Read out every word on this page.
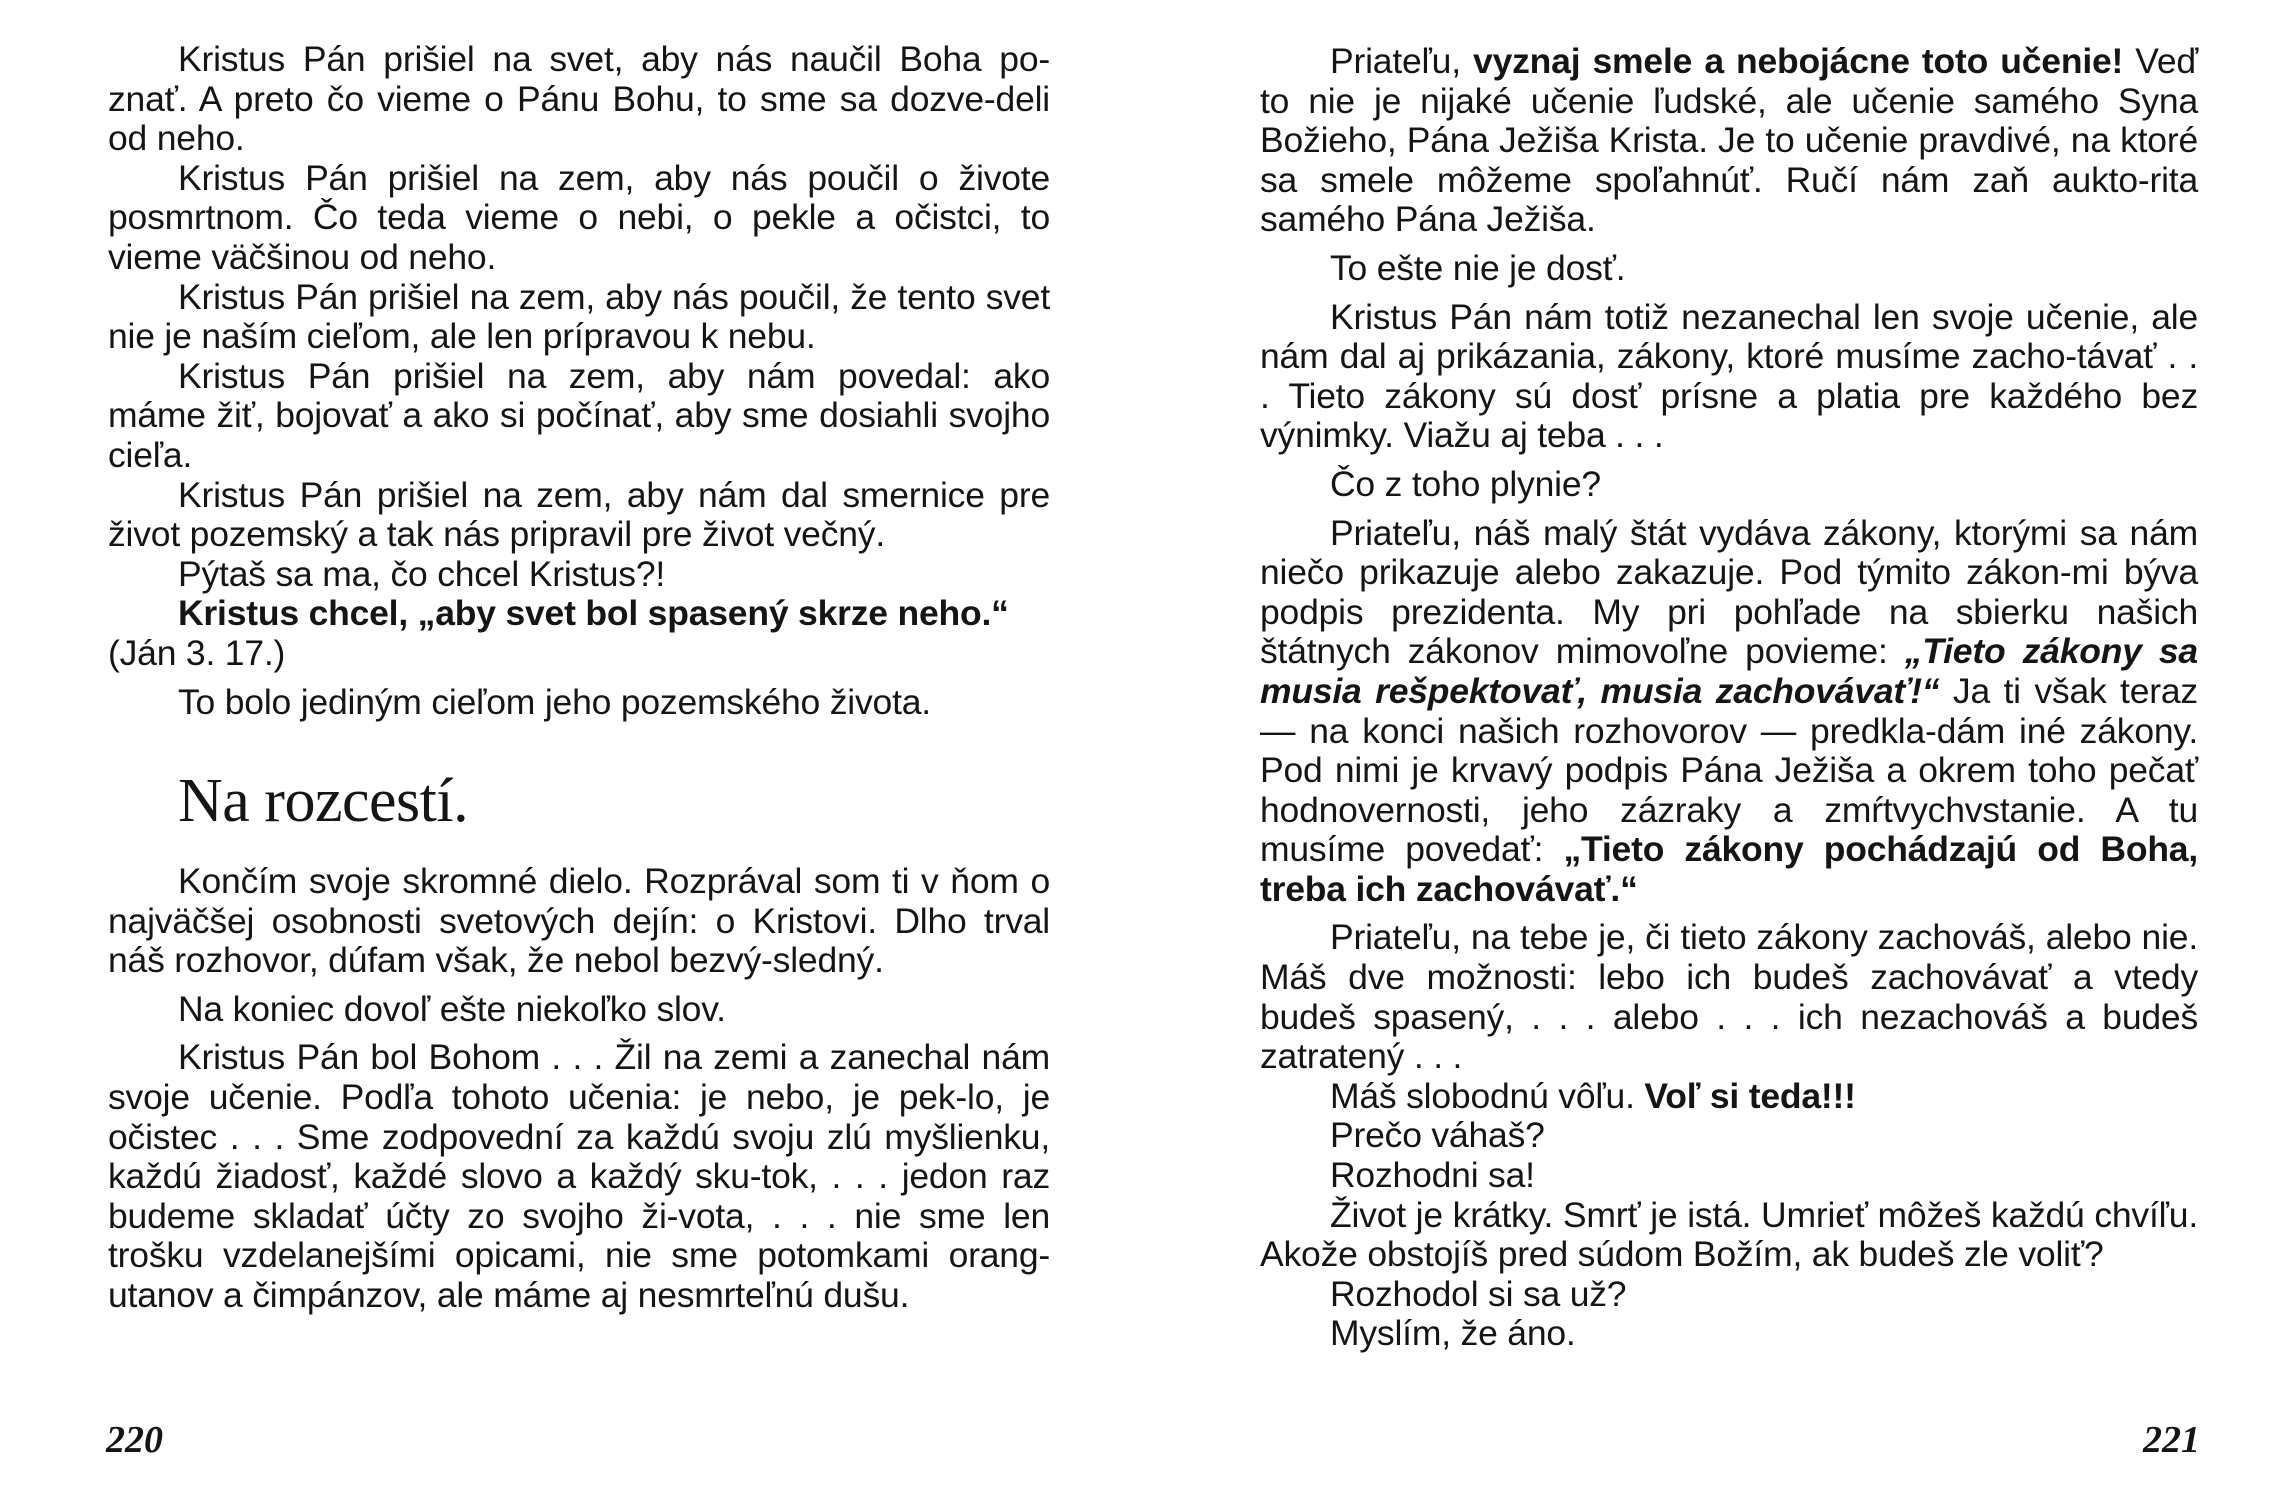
Kristus Pán prišiel na svet, aby nás naučil Boha po-znať. A preto čo vieme o Pánu Bohu, to sme sa dozve-deli od neho.

Kristus Pán prišiel na zem, aby nás poučil o živote posmrtnom. Čo teda vieme o nebi, o pekle a očistci, to vieme väčšinou od neho.

Kristus Pán prišiel na zem, aby nás poučil, že tento svet nie je naším cieľom, ale len prípravou k nebu.

Kristus Pán prišiel na zem, aby nám povedal: ako máme žiť, bojovať a ako si počínať, aby sme dosiahli svojho cieľa.

Kristus Pán prišiel na zem, aby nám dal smernice pre život pozemský a tak nás pripravil pre život večný.

Pýtaš sa ma, čo chcel Kristus?!

Kristus chcel, „aby svet bol spasený skrze neho.“
(Ján 3. 17.)

To bolo jediným cieľom jeho pozemského života.

Na rozcestí.

Končím svoje skromné dielo. Rozprával som ti v ňom o najväčšej osobnosti svetových dejín: o Kristovi. Dlho trval náš rozhovor, dúfam však, že nebol bezvý-sledný.

Na koniec dovoľ ešte niekoľko slov.

Kristus Pán bol Bohom . . . Žil na zemi a zanechal nám svoje učenie. Podľa tohoto učenia: je nebo, je pek-lo, je očistec . . . Sme zodpovední za každú svoju zlú myšlienku, každú žiadosť, každé slovo a každý sku-tok, . . . jedon raz budeme skladať účty zo svojho ži-vota, . . . nie sme len trošku vzdelanejšími opicami, nie sme potomkami orang-utanov a čimpánzov, ale máme aj nesmrteľnú dušu.

220

Priateľu, vyznaj smele a nebojácne toto učenie! Veď to nie je nijaké učenie ľudské, ale učenie samého Syna Božieho, Pána Ježiša Krista. Je to učenie pravdivé, na ktoré sa smele môžeme spoľahnúť. Ručí nám zaň aukto-rita samého Pána Ježiša.

To ešte nie je dosť.

Kristus Pán nám totiž nezanechal len svoje učenie, ale nám dal aj prikázania, zákony, ktoré musíme zacho-távať . . . Tieto zákony sú dosť prísne a platia pre každého bez výnimky. Viažu aj teba . . .

Čo z toho plynie?

Priateľu, náš malý štát vydáva zákony, ktorými sa nám niečo prikazuje alebo zakazuje. Pod týmito zákon-mi býva podpis prezidenta. My pri pohľade na sbierku našich štátnych zákonov mimovoľne povieme: „Tieto zákony sa musia rešpektovať, musia zachovávať!“ Ja ti však teraz — na konci našich rozhovorov — predkla-dám iné zákony. Pod nimi je krvavý podpis Pána Ježiša a okrem toho pečať hodnovernosti, jeho zázraky a zmŕtvychvstanie. A tu musíme povedať: „Tieto zákony pochádzajú od Boha, treba ich zachovávať.“

Priateľu, na tebe je, či tieto zákony zachováš, alebo nie. Máš dve možnosti: lebo ich budeš zachovávať a vtedy budeš spasený, . . . alebo . . . ich nezachováš a budeš zatratený . . .

Máš slobodnú vôľu. Voľ si teda!!!

Prečo váhaš?

Rozhodni sa!

Život je krátky. Smrť je istá. Umrieť môžeš každú chvíľu. Akože obstojíš pred súdom Božím, ak budeš zle voliť?

Rozhodol si sa už?

Myslím, že áno.

221
